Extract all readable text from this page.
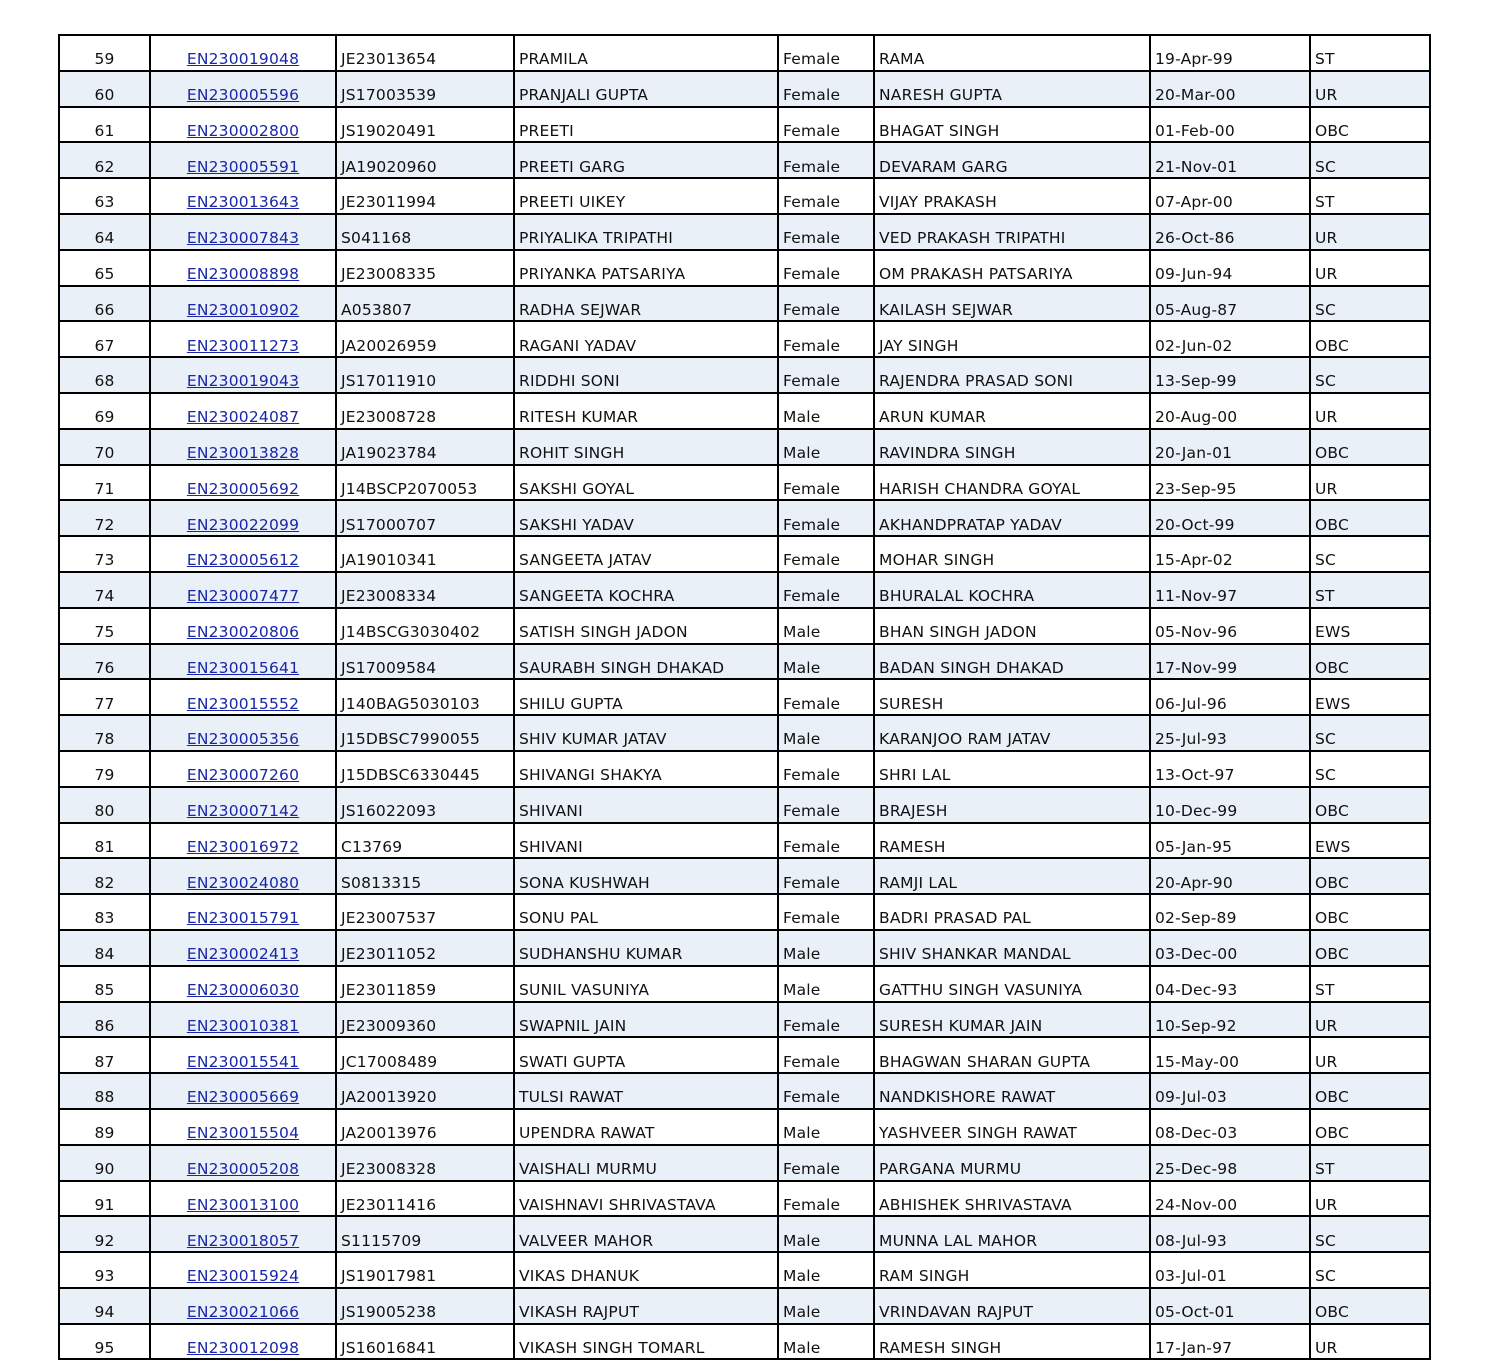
59	EN230019048	JE23013654	PRAMILA	Female	RAMA	19-Apr-99	ST
60	EN230005596	JS17003539	PRANJALI GUPTA	Female	NARESH GUPTA	20-Mar-00	UR
61	EN230002800	JS19020491	PREETI	Female	BHAGAT SINGH	01-Feb-00	OBC
62	EN230005591	JA19020960	PREETI GARG	Female	DEVARAM GARG	21-Nov-01	SC
63	EN230013643	JE23011994	PREETI UIKEY	Female	VIJAY PRAKASH	07-Apr-00	ST
64	EN230007843	S041168	PRIYALIKA TRIPATHI	Female	VED PRAKASH TRIPATHI	26-Oct-86	UR
65	EN230008898	JE23008335	PRIYANKA PATSARIYA	Female	OM PRAKASH PATSARIYA	09-Jun-94	UR
66	EN230010902	A053807	RADHA SEJWAR	Female	KAILASH SEJWAR	05-Aug-87	SC
67	EN230011273	JA20026959	RAGANI YADAV	Female	JAY SINGH	02-Jun-02	OBC
68	EN230019043	JS17011910	RIDDHI SONI	Female	RAJENDRA PRASAD SONI	13-Sep-99	SC
69	EN230024087	JE23008728	RITESH KUMAR	Male	ARUN KUMAR	20-Aug-00	UR
70	EN230013828	JA19023784	ROHIT SINGH	Male	RAVINDRA SINGH	20-Jan-01	OBC
71	EN230005692	J14BSCP2070053	SAKSHI GOYAL	Female	HARISH CHANDRA GOYAL	23-Sep-95	UR
72	EN230022099	JS17000707	SAKSHI YADAV	Female	AKHANDPRATAP YADAV	20-Oct-99	OBC
73	EN230005612	JA19010341	SANGEETA JATAV	Female	MOHAR SINGH	15-Apr-02	SC
74	EN230007477	JE23008334	SANGEETA KOCHRA	Female	BHURALAL KOCHRA	11-Nov-97	ST
75	EN230020806	J14BSCG3030402	SATISH SINGH JADON	Male	BHAN SINGH JADON	05-Nov-96	EWS
76	EN230015641	JS17009584	SAURABH SINGH DHAKAD	Male	BADAN SINGH DHAKAD	17-Nov-99	OBC
77	EN230015552	J140BAG5030103	SHILU GUPTA	Female	SURESH	06-Jul-96	EWS
78	EN230005356	J15DBSC7990055	SHIV KUMAR JATAV	Male	KARANJOO RAM JATAV	25-Jul-93	SC
79	EN230007260	J15DBSC6330445	SHIVANGI SHAKYA	Female	SHRI LAL	13-Oct-97	SC
80	EN230007142	JS16022093	SHIVANI	Female	BRAJESH	10-Dec-99	OBC
81	EN230016972	C13769	SHIVANI	Female	RAMESH	05-Jan-95	EWS
82	EN230024080	S0813315	SONA KUSHWAH	Female	RAMJI LAL	20-Apr-90	OBC
83	EN230015791	JE23007537	SONU PAL	Female	BADRI PRASAD PAL	02-Sep-89	OBC
84	EN230002413	JE23011052	SUDHANSHU KUMAR	Male	SHIV SHANKAR MANDAL	03-Dec-00	OBC
85	EN230006030	JE23011859	SUNIL VASUNIYA	Male	GATTHU SINGH VASUNIYA	04-Dec-93	ST
86	EN230010381	JE23009360	SWAPNIL JAIN	Female	SURESH KUMAR JAIN	10-Sep-92	UR
87	EN230015541	JC17008489	SWATI GUPTA	Female	BHAGWAN SHARAN GUPTA	15-May-00	UR
88	EN230005669	JA20013920	TULSI RAWAT	Female	NANDKISHORE RAWAT	09-Jul-03	OBC
89	EN230015504	JA20013976	UPENDRA RAWAT	Male	YASHVEER SINGH RAWAT	08-Dec-03	OBC
90	EN230005208	JE23008328	VAISHALI MURMU	Female	PARGANA MURMU	25-Dec-98	ST
91	EN230013100	JE23011416	VAISHNAVI SHRIVASTAVA	Female	ABHISHEK SHRIVASTAVA	24-Nov-00	UR
92	EN230018057	S1115709	VALVEER MAHOR	Male	MUNNA LAL MAHOR	08-Jul-93	SC
93	EN230015924	JS19017981	VIKAS DHANUK	Male	RAM SINGH	03-Jul-01	SC
94	EN230021066	JS19005238	VIKASH RAJPUT	Male	VRINDAVAN RAJPUT	05-Oct-01	OBC
95	EN230012098	JS16016841	VIKASH SINGH TOMARL	Male	RAMESH SINGH	17-Jan-97	UR
